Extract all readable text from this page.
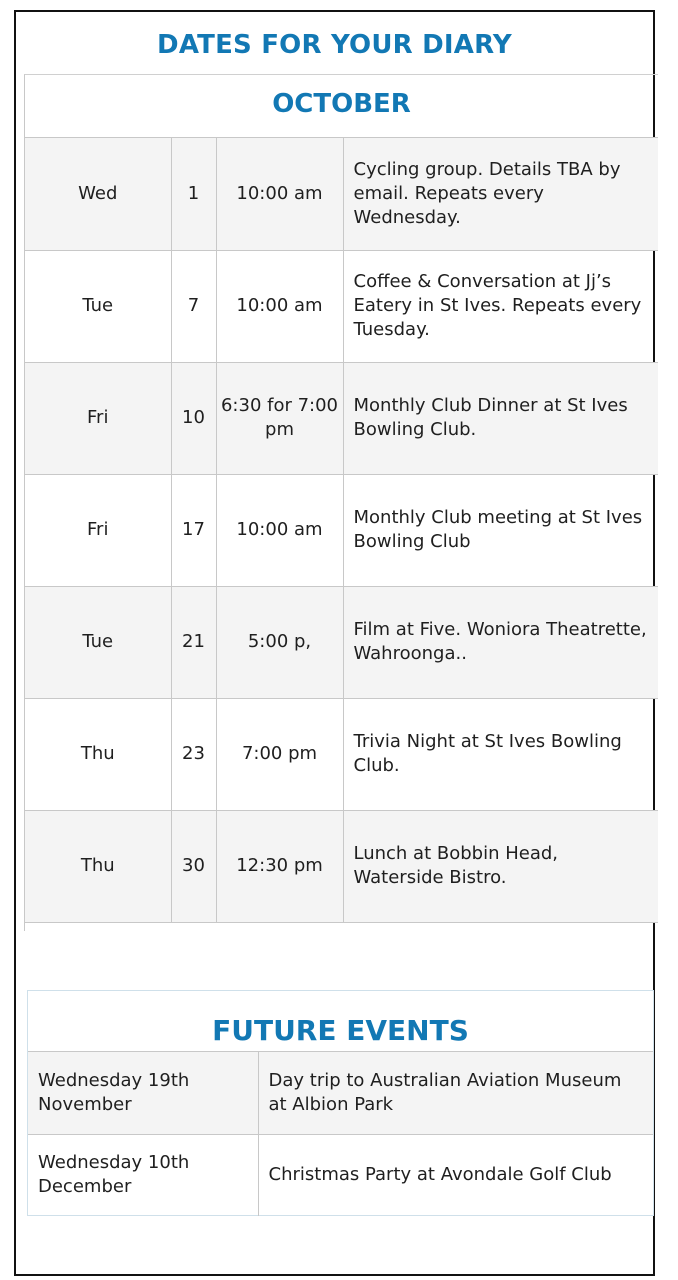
DATES FOR YOUR DIARY
OCTOBER
Wed	1	10:00 am	Cycling group. Details TBA by email. Repeats every Wednesday.
Tue	7	10:00 am	Coffee & Conversation at Jj’s Eatery in St Ives. Repeats every Tuesday.
Fri	10	6:30 for 7:00 pm	Monthly Club Dinner at St Ives Bowling Club.
Fri	17	10:00 am	Monthly Club meeting at St Ives Bowling Club
Tue	21	5:00 p,	Film at Five. Woniora Theatrette, Wahroonga..
Thu	23	7:00 pm	Trivia Night at St Ives Bowling Club.
Thu	30	12:30 pm	Lunch at Bobbin Head, Waterside Bistro.
FUTURE EVENTS
Wednesday 19th November	Day trip to Australian Aviation Museum at Albion Park
Wednesday 10th December	Christmas Party at Avondale Golf Club
